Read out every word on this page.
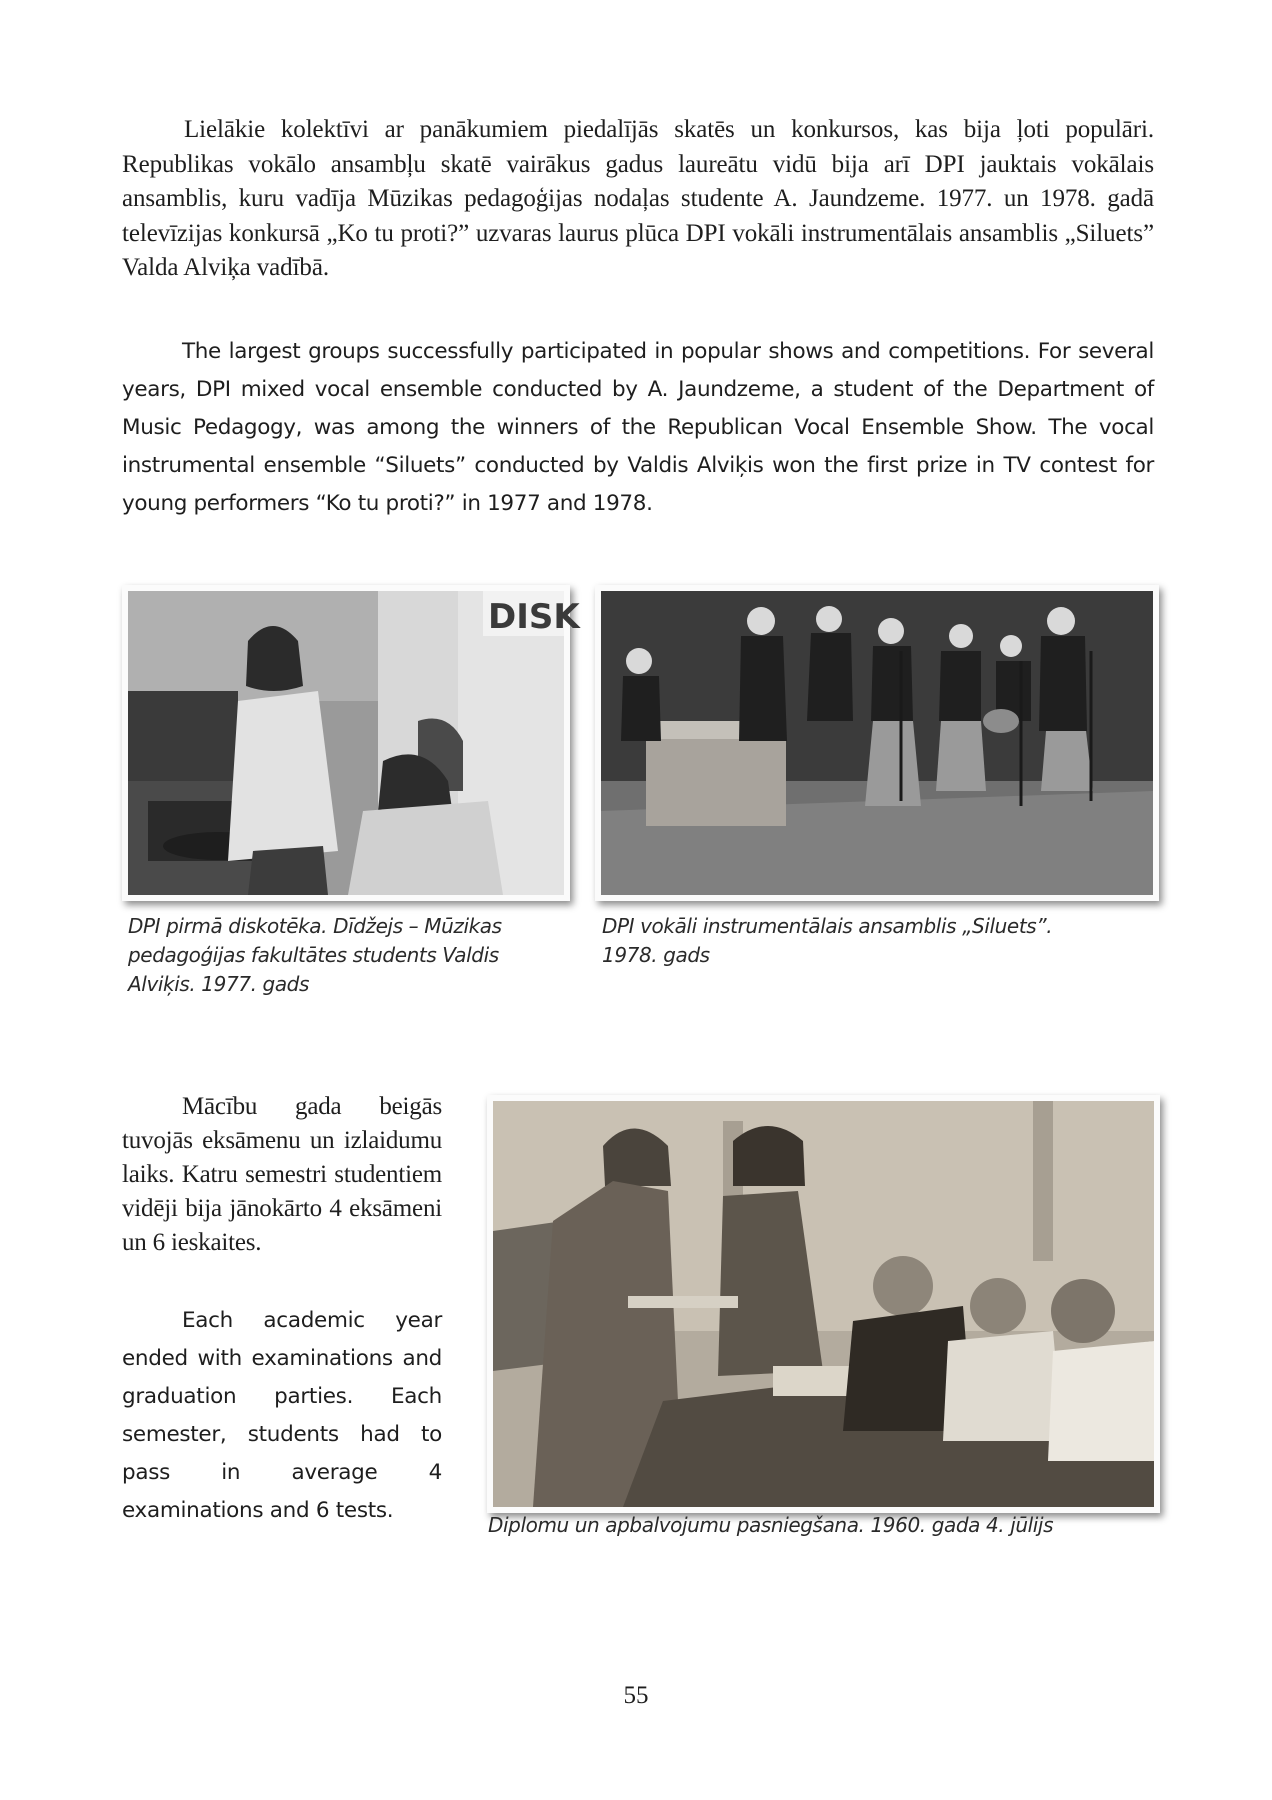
Lielākie kolektīvi ar panākumiem piedalījās skatēs un konkursos, kas bija ļoti populāri. Republikas vokālo ansambļu skatē vairākus gadus laureātu vidū bija arī DPI jauktais vokālais ansamblis, kuru vadīja Mūzikas pedagoģijas nodaļas studente A. Jaundzeme. 1977. un 1978. gadā televīzijas konkursā „Ko tu proti?” uzvaras laurus plūca DPI vokāli instrumentālais ansamblis „Siluets” Valda Alviķa vadībā.

The largest groups successfully participated in popular shows and competitions. For several years, DPI mixed vocal ensemble conducted by A. Jaundzeme, a student of the Department of Music Pedagogy, was among the winners of the Republican Vocal Ensemble Show. The vocal instrumental ensemble “Siluets” conducted by Valdis Alviķis won the first prize in TV contest for young performers “Ko tu proti?” in 1977 and 1978.

DISK

DPI pirmā diskotēka. Dīdžejs – Mūzikas pedagoģijas fakultātes students Valdis Alviķis. 1977. gads

DPI vokāli instrumentālais ansamblis „Siluets”. 1978. gads

Mācību gada beigās tuvojās eksāmenu un izlaidumu laiks. Katru semestri studentiem vidēji bija jānokārto 4 eksāmeni un 6 ieskaites.

Each academic year ended with examinations and graduation parties. Each semester, students had to pass in average 4 examinations and 6 tests.

Diplomu un apbalvojumu pasniegšana. 1960. gada 4. jūlijs

55
